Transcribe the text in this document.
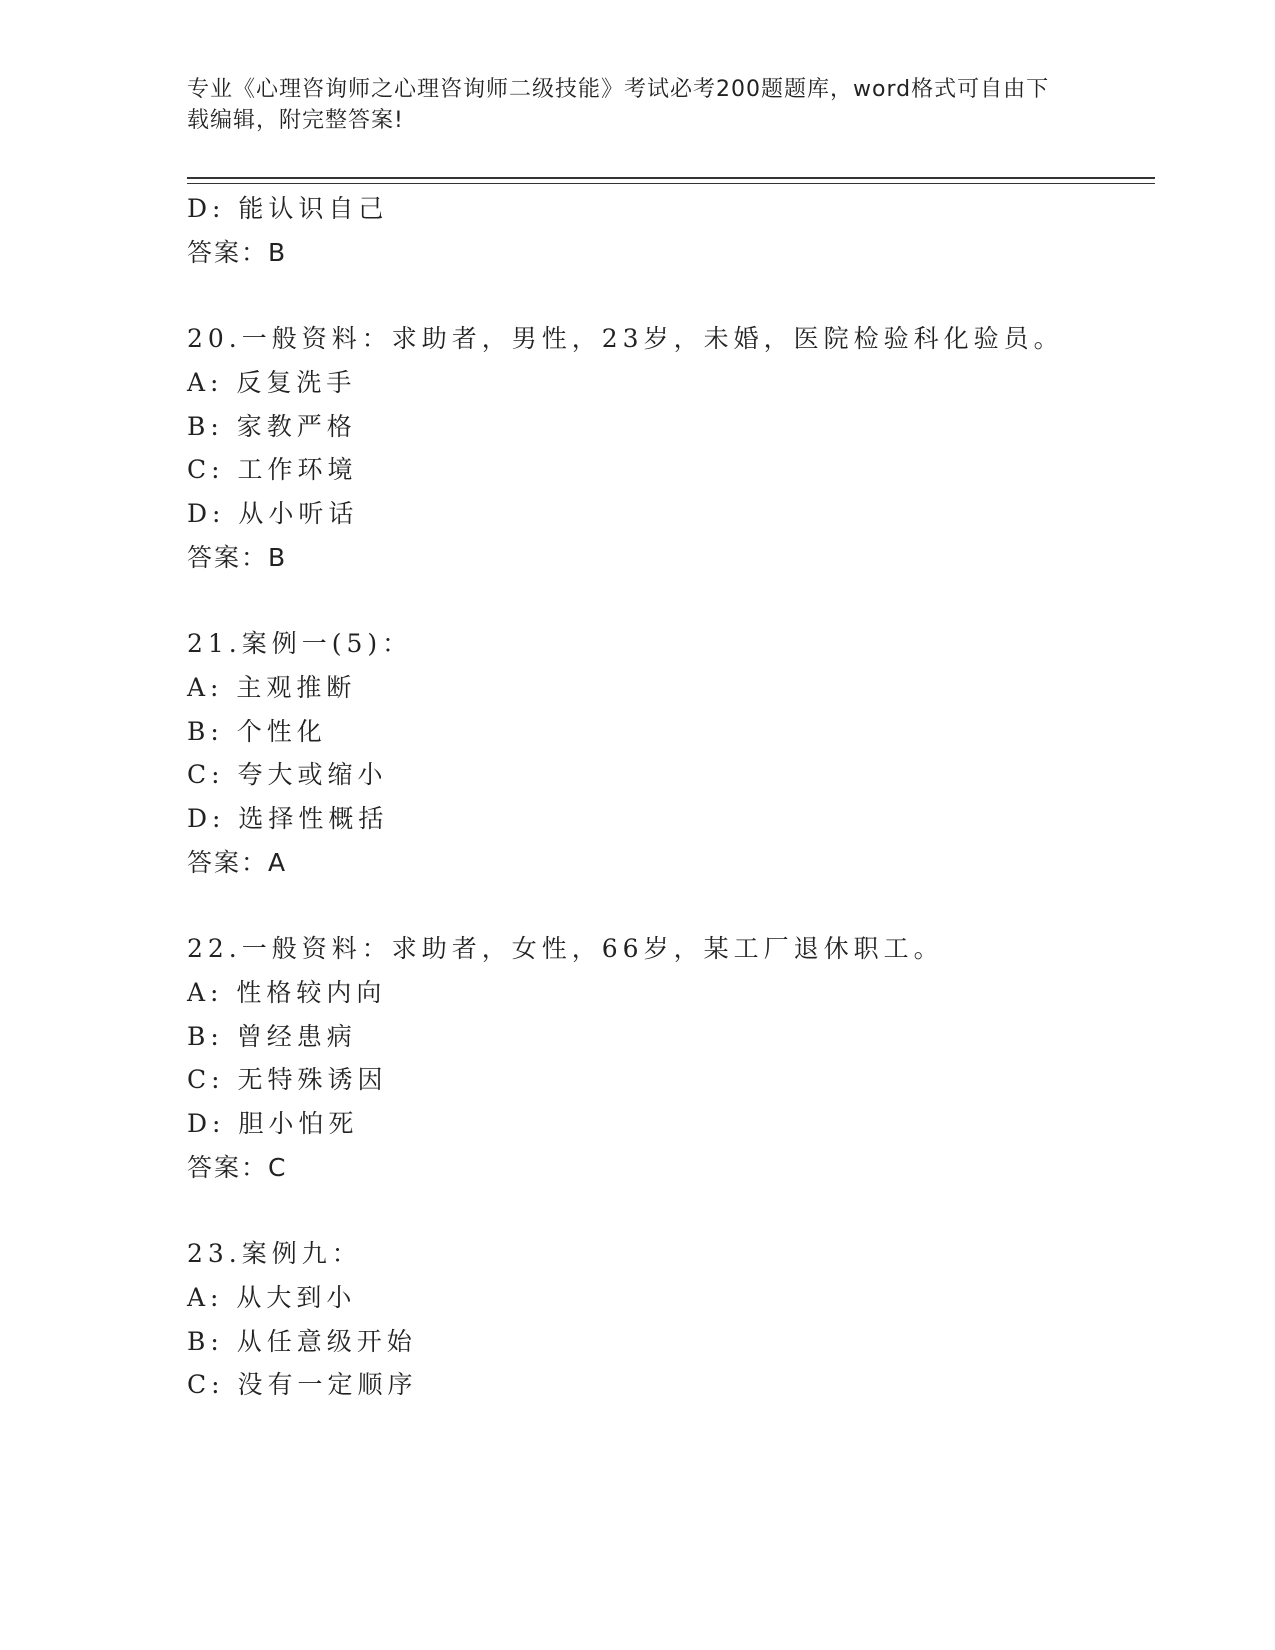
专业《心理咨询师之心理咨询师二级技能》考试必考200题题库，word格式可自由下载编辑，附完整答案!
D: 能认识自己
答案：B
20.一般资料：求助者，男性，23岁，未婚，医院检验科化验员。
A: 反复洗手
B: 家教严格
C: 工作环境
D: 从小听话
答案：B
21.案例一(5)：
A: 主观推断
B: 个性化
C: 夸大或缩小
D: 选择性概括
答案：A
22.一般资料：求助者，女性，66岁，某工厂退休职工。
A: 性格较内向
B: 曾经患病
C: 无特殊诱因
D: 胆小怕死
答案：C
23.案例九：
A: 从大到小
B: 从任意级开始
C: 没有一定顺序
